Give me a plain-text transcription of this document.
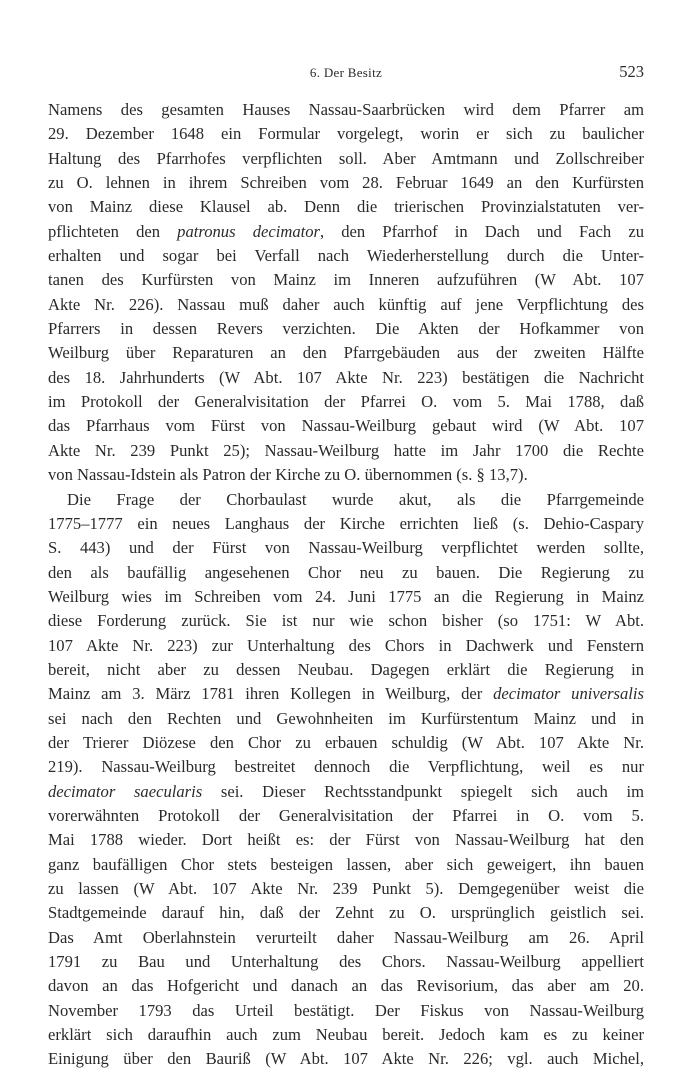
6. Der Besitz	523
Namens des gesamten Hauses Nassau-Saarbrücken wird dem Pfarrer am
29. Dezember 1648 ein Formular vorgelegt, worin er sich zu baulicher
Haltung des Pfarrhofes verpflichten soll. Aber Amtmann und Zollschreiber
zu O. lehnen in ihrem Schreiben vom 28. Februar 1649 an den Kurfürsten
von Mainz diese Klausel ab. Denn die trierischen Provinzialstatuten ver-
pflichteten den patronus decimator, den Pfarrhof in Dach und Fach zu
erhalten und sogar bei Verfall nach Wiederherstellung durch die Unter-
tanen des Kurfürsten von Mainz im Inneren aufzuführen (W Abt. 107
Akte Nr. 226). Nassau muß daher auch künftig auf jene Verpflichtung des
Pfarrers in dessen Revers verzichten. Die Akten der Hofkammer von
Weilburg über Reparaturen an den Pfarrgebäuden aus der zweiten Hälfte
des 18. Jahrhunderts (W Abt. 107 Akte Nr. 223) bestätigen die Nachricht
im Protokoll der Generalvisitation der Pfarrei O. vom 5. Mai 1788, daß
das Pfarrhaus vom Fürst von Nassau-Weilburg gebaut wird (W Abt. 107
Akte Nr. 239 Punkt 25); Nassau-Weilburg hatte im Jahr 1700 die Rechte
von Nassau-Idstein als Patron der Kirche zu O. übernommen (s. § 13,7).
Die Frage der Chorbaulast wurde akut, als die Pfarrgemeinde
1775–1777 ein neues Langhaus der Kirche errichten ließ (s. Dehio-Caspary
S. 443) und der Fürst von Nassau-Weilburg verpflichtet werden sollte,
den als baufällig angesehenen Chor neu zu bauen. Die Regierung zu
Weilburg wies im Schreiben vom 24. Juni 1775 an die Regierung in Mainz
diese Forderung zurück. Sie ist nur wie schon bisher (so 1751: W Abt.
107 Akte Nr. 223) zur Unterhaltung des Chors in Dachwerk und Fenstern
bereit, nicht aber zu dessen Neubau. Dagegen erklärt die Regierung in
Mainz am 3. März 1781 ihren Kollegen in Weilburg, der decimator universalis
sei nach den Rechten und Gewohnheiten im Kurfürstentum Mainz und in
der Trierer Diözese den Chor zu erbauen schuldig (W Abt. 107 Akte Nr.
219). Nassau-Weilburg bestreitet dennoch die Verpflichtung, weil es nur
decimator saecularis sei. Dieser Rechtsstandpunkt spiegelt sich auch im
vorerwähnten Protokoll der Generalvisitation der Pfarrei in O. vom 5.
Mai 1788 wieder. Dort heißt es: der Fürst von Nassau-Weilburg hat den
ganz baufälligen Chor stets besteigen lassen, aber sich geweigert, ihn bauen
zu lassen (W Abt. 107 Akte Nr. 239 Punkt 5). Demgegenüber weist die
Stadtgemeinde darauf hin, daß der Zehnt zu O. ursprünglich geistlich sei.
Das Amt Oberlahnstein verurteilt daher Nassau-Weilburg am 26. April
1791 zu Bau und Unterhaltung des Chors. Nassau-Weilburg appelliert
davon an das Hofgericht und danach an das Revisorium, das aber am 20.
November 1793 das Urteil bestätigt. Der Fiskus von Nassau-Weilburg
erklärt sich daraufhin auch zum Neubau bereit. Jedoch kam es zu keiner
Einigung über den Bauriß (W Abt. 107 Akte Nr. 226; vgl. auch Michel,
